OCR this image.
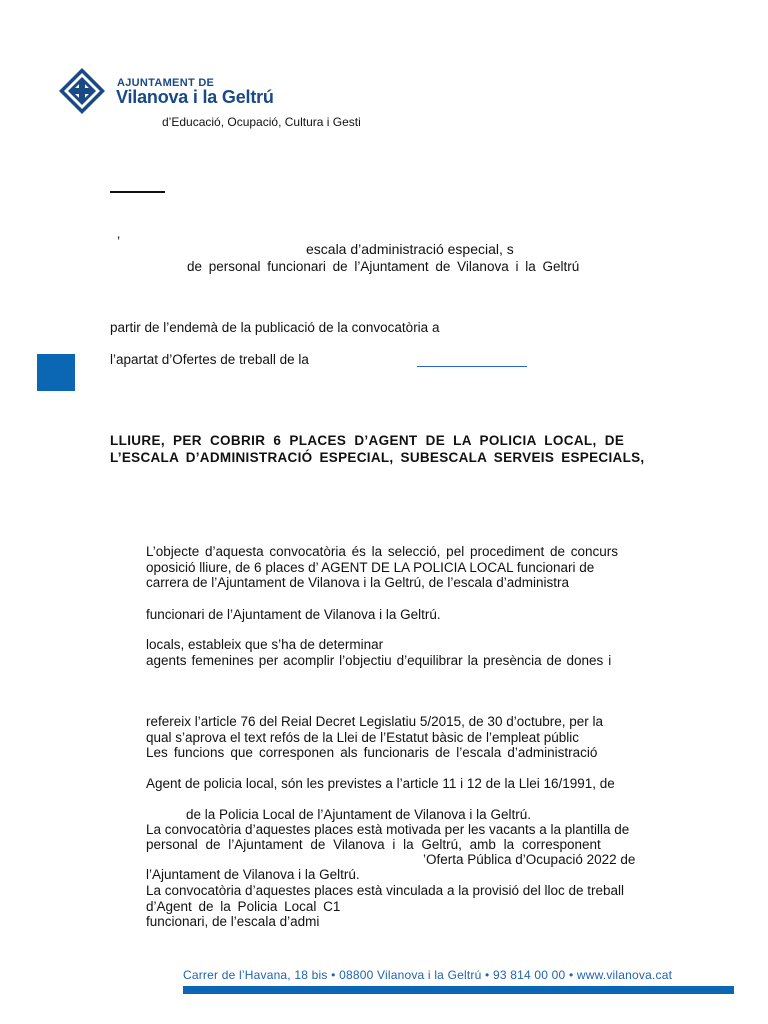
AJUNTAMENT DE
Vilanova i la Geltrú
d’Educació, Ocupació, Cultura i Gesti
’	escala d’administració especial, s
de personal funcionari de l’Ajuntament de Vilanova i la Geltrú
partir de l’endemà de la publicació de la convocatòria a
l’apartat d’Ofertes de treball de la
LLIURE, PER COBRIR 6 PLACES D’AGENT DE LA POLICIA LOCAL, DE
L’ESCALA D’ADMINISTRACIÓ ESPECIAL, SUBESCALA SERVEIS ESPECIALS,
L’objecte d’aquesta convocatòria és la selecció, pel procediment de concurs
oposició lliure, de 6 places d’ AGENT DE LA POLICIA LOCAL funcionari de
carrera de l’Ajuntament de Vilanova i la Geltrú, de l’escala d’administra
funcionari de l’Ajuntament de Vilanova i la Geltrú.
locals, estableix que s’ha de determinar
agents femenines per acomplir l’objectiu d’equilibrar la presència de dones i
refereix l’article 76 del Reial Decret Legislatiu 5/2015, de 30 d’octubre, per la
qual s’aprova el text refós de la Llei de l’Estatut bàsic de l’empleat públic
Les funcions que corresponen als funcionaris de l’escala d’administració
Agent de policia local, són les previstes a l’article 11 i 12 de la Llei 16/1991, de
de la Policia Local de l’Ajuntament de Vilanova i la Geltrú.
La convocatòria d’aquestes places està motivada per les vacants a la plantilla de
personal de l’Ajuntament de Vilanova i la Geltrú, amb la corresponent
’Oferta Pública d’Ocupació 2022 de
l’Ajuntament de Vilanova i la Geltrú.
La convocatòria d’aquestes places està vinculada a la provisió del lloc de treball
d’Agent de la Policia Local C1
funcionari, de l’escala d’admi
Carrer de l’Havana, 18 bis • 08800 Vilanova i la Geltrú • 93 814 00 00 • www.vilanova.cat
